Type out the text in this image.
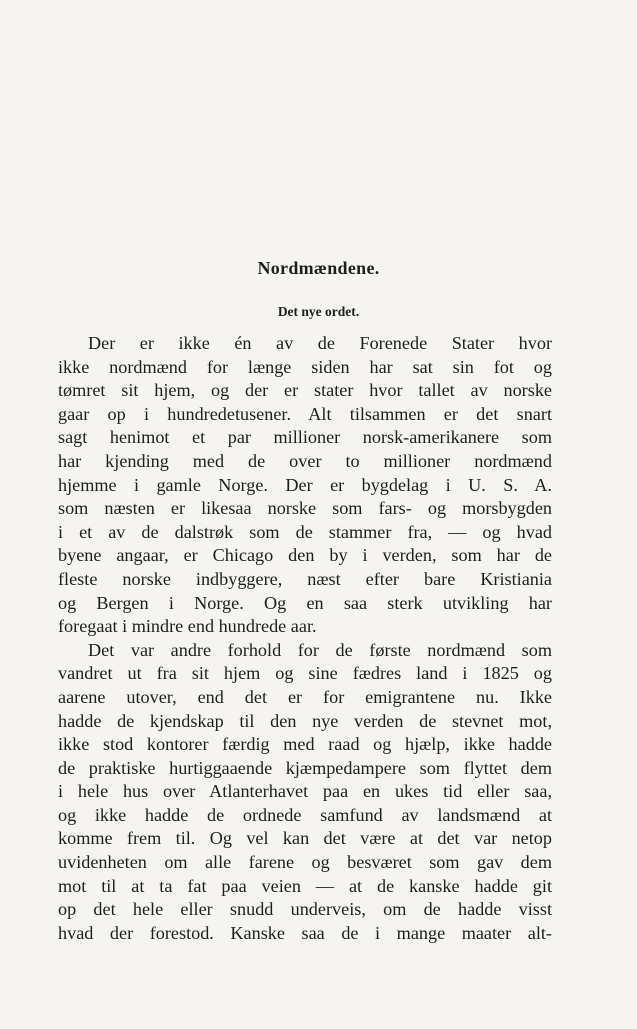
Nordmændene.
Det nye ordet.
Der er ikke én av de Forenede Stater hvor
ikke nordmænd for længe siden har sat sin fot og
tømret sit hjem, og der er stater hvor tallet av norske
gaar op i hundredetusener. Alt tilsammen er det snart
sagt henimot et par millioner norsk-amerikanere som
har kjending med de over to millioner nordmænd
hjemme i gamle Norge. Der er bygdelag i U. S. A.
som næsten er likesaa norske som fars- og morsbygden
i et av de dalstrøk som de stammer fra, — og hvad
byene angaar, er Chicago den by i verden, som har de
fleste norske indbyggere, næst efter bare Kristiania
og Bergen i Norge. Og en saa sterk utvikling har
foregaat i mindre end hundrede aar.
Det var andre forhold for de første nordmænd som
vandret ut fra sit hjem og sine fædres land i 1825 og
aarene utover, end det er for emigrantene nu. Ikke
hadde de kjendskap til den nye verden de stevnet mot,
ikke stod kontorer færdig med raad og hjælp, ikke hadde
de praktiske hurtiggaaende kjæmpedampere som flyttet dem
i hele hus over Atlanterhavet paa en ukes tid eller saa,
og ikke hadde de ordnede samfund av landsmænd at
komme frem til. Og vel kan det være at det var netop
uvidenheten om alle farene og besværet som gav dem
mot til at ta fat paa veien — at de kanske hadde git
op det hele eller snudd underveis, om de hadde visst
hvad der forestod. Kanske saa de i mange maater alt-
